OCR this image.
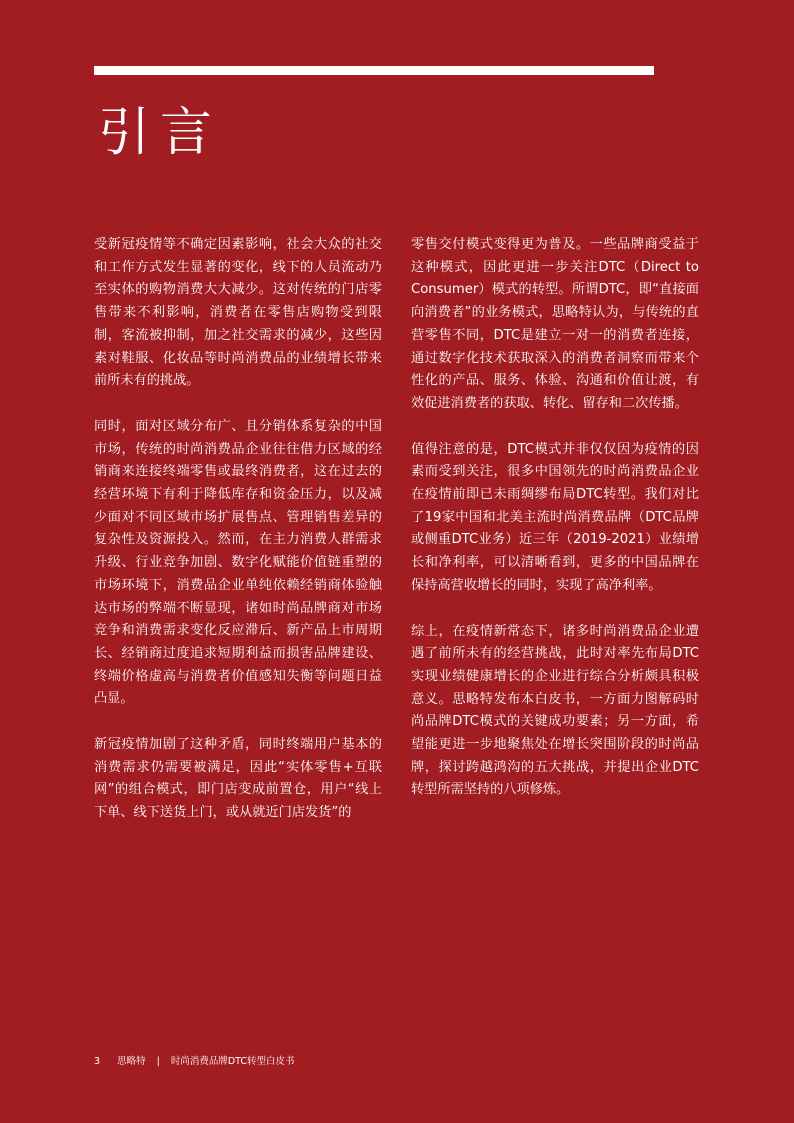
引言

受新冠疫情等不确定因素影响，社会大众的社交和工作方式发生显著的变化，线下的人员流动乃至实体的购物消费大大减少。这对传统的门店零售带来不利影响，消费者在零售店购物受到限制，客流被抑制，加之社交需求的减少，这些因素对鞋服、化妆品等时尚消费品的业绩增长带来前所未有的挑战。

同时，面对区域分布广、且分销体系复杂的中国市场，传统的时尚消费品企业往往借力区域的经销商来连接终端零售或最终消费者，这在过去的经营环境下有利于降低库存和资金压力，以及减少面对不同区域市场扩展售点、管理销售差异的复杂性及资源投入。然而，在主力消费人群需求升级、行业竞争加剧、数字化赋能价值链重塑的市场环境下，消费品企业单纯依赖经销商体验触达市场的弊端不断显现，诸如时尚品牌商对市场竞争和消费需求变化反应滞后、新产品上市周期长、经销商过度追求短期利益而损害品牌建设、终端价格虚高与消费者价值感知失衡等问题日益凸显。

新冠疫情加剧了这种矛盾，同时终端用户基本的消费需求仍需要被满足，因此“实体零售+互联网”的组合模式，即门店变成前置仓，用户“线上下单、线下送货上门，或从就近门店发货”的

零售交付模式变得更为普及。一些品牌商受益于这种模式，因此更进一步关注DTC（Direct to Consumer）模式的转型。所谓DTC，即“直接面向消费者”的业务模式，思略特认为，与传统的直营零售不同，DTC是建立一对一的消费者连接，通过数字化技术获取深入的消费者洞察而带来个性化的产品、服务、体验、沟通和价值让渡，有效促进消费者的获取、转化、留存和二次传播。

值得注意的是，DTC模式并非仅仅因为疫情的因素而受到关注，很多中国领先的时尚消费品企业在疫情前即已未雨绸缪布局DTC转型。我们对比了19家中国和北美主流时尚消费品牌（DTC品牌或侧重DTC业务）近三年（2019-2021）业绩增长和净利率，可以清晰看到，更多的中国品牌在保持高营收增长的同时，实现了高净利率。

综上，在疫情新常态下，诸多时尚消费品企业遭遇了前所未有的经营挑战，此时对率先布局DTC实现业绩健康增长的企业进行综合分析颇具积极意义。思略特发布本白皮书，一方面力图解码时尚品牌DTC模式的关键成功要素；另一方面，希望能更进一步地聚焦处在增长突围阶段的时尚品牌，探讨跨越鸿沟的五大挑战，并提出企业DTC转型所需坚持的八项修炼。

3 思略特 | 时尚消费品牌DTC转型白皮书
